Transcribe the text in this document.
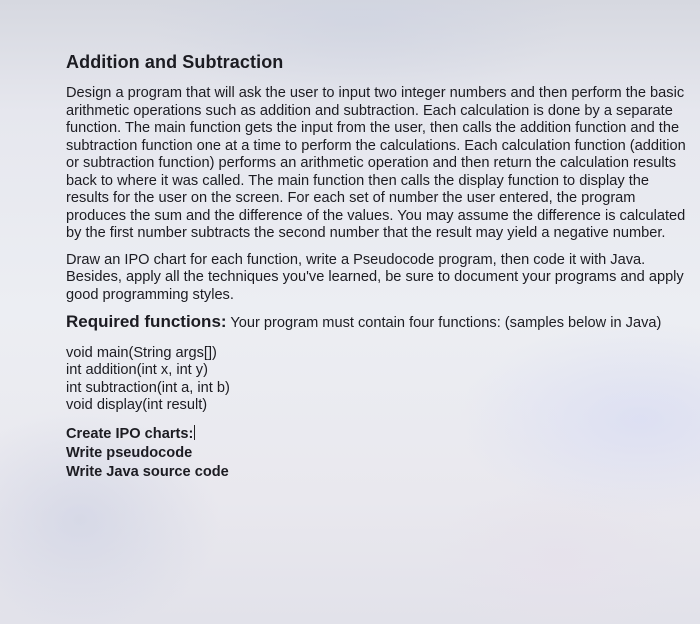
Addition and Subtraction
Design a program that will ask the user to input two integer numbers and then perform the basic arithmetic operations such as addition and subtraction. Each calculation is done by a separate function. The main function gets the input from the user, then calls the addition function and the subtraction function one at a time to perform the calculations. Each calculation function (addition or subtraction function) performs an arithmetic operation and then return the calculation results back to where it was called. The main function then calls the display function to display the results for the user on the screen. For each set of number the user entered, the program produces the sum and the difference of the values. You may assume the difference is calculated by the first number subtracts the second number that the result may yield a negative number.
Draw an IPO chart for each function, write a Pseudocode program, then code it with Java. Besides, apply all the techniques you've learned, be sure to document your programs and apply good programming styles.
Required functions: Your program must contain four functions: (samples below in Java)
void main(String args[])
int addition(int x, int y)
int subtraction(int a, int b)
void display(int result)
Create IPO charts:
Write pseudocode
Write Java source code
